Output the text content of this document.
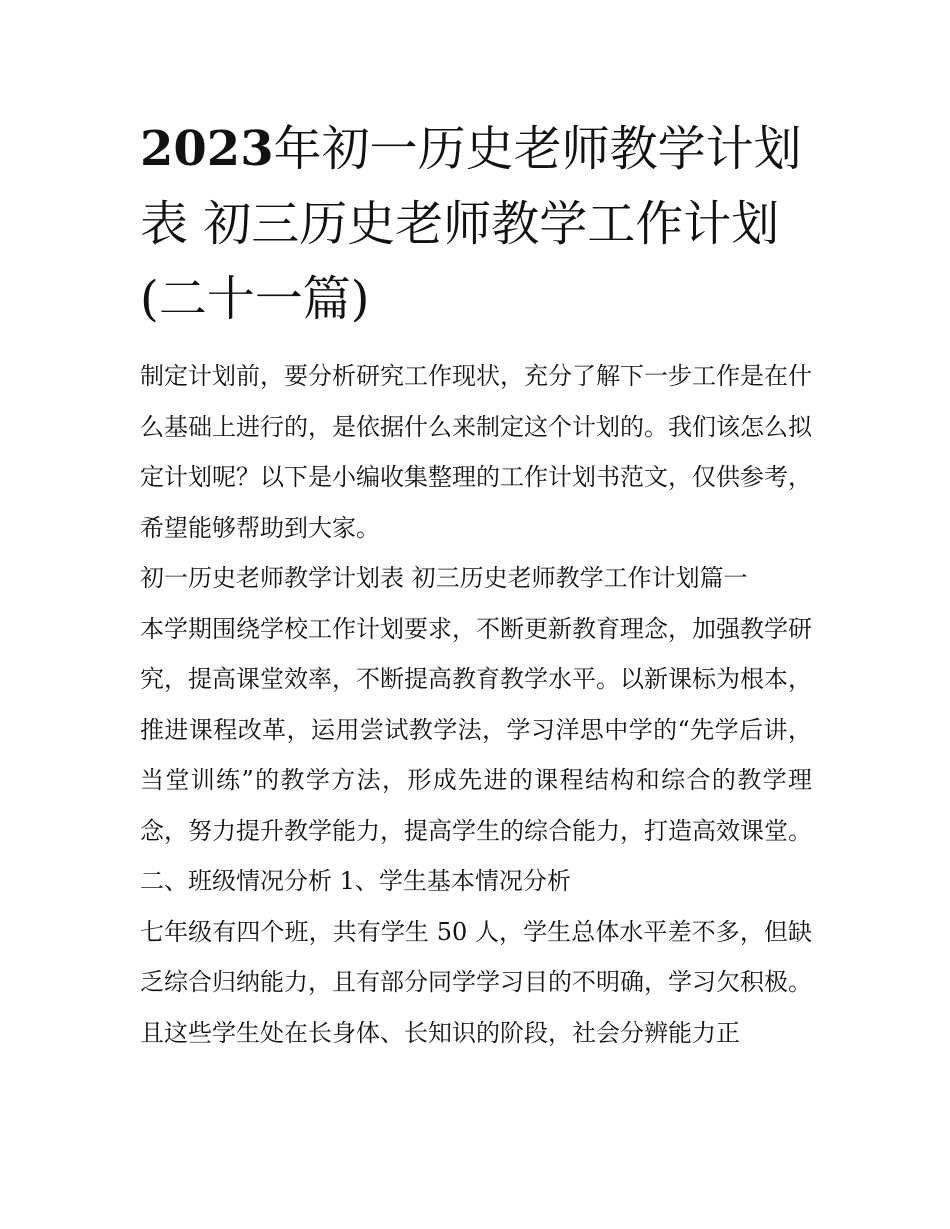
2023年初一历史老师教学计划表 初三历史老师教学工作计划(二十一篇)

制定计划前，要分析研究工作现状，充分了解下一步工作是在什么基础上进行的，是依据什么来制定这个计划的。我们该怎么拟定计划呢？以下是小编收集整理的工作计划书范文，仅供参考，希望能够帮助到大家。

初一历史老师教学计划表 初三历史老师教学工作计划篇一

本学期围绕学校工作计划要求，不断更新教育理念，加强教学研究，提高课堂效率，不断提高教育教学水平。以新课标为根本，推进课程改革，运用尝试教学法，学习洋思中学的“先学后讲，当堂训练”的教学方法，形成先进的课程结构和综合的教学理念，努力提升教学能力，提高学生的综合能力，打造高效课堂。

二、班级情况分析 1、学生基本情况分析

七年级有四个班，共有学生 50 人，学生总体水平差不多，但缺乏综合归纳能力，且有部分同学学习目的不明确，学习欠积极。且这些学生处在长身体、长知识的阶段，社会分辨能力正
